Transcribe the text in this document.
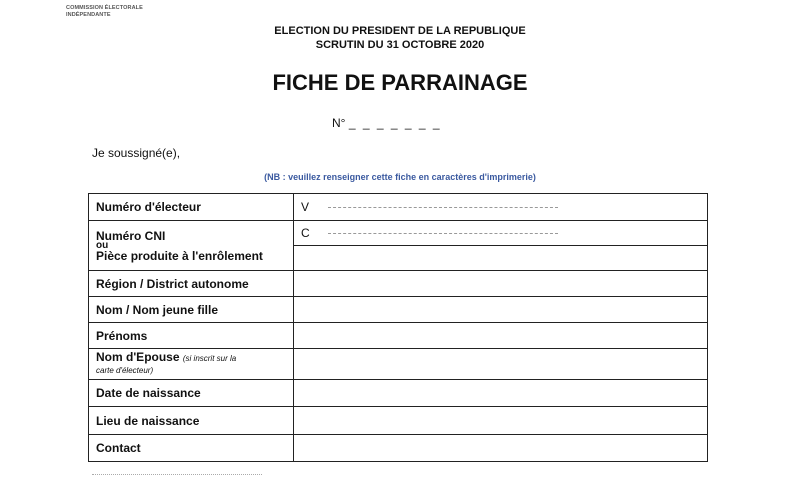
COMMISSION ÉLECTORALE
INDÉPENDANTE
ELECTION DU PRESIDENT DE LA REPUBLIQUE
SCRUTIN DU 31 OCTOBRE 2020
FICHE DE PARRAINAGE
N° _ _ _ _ _ _ _
Je soussigné(e),
(NB : veuillez renseigner cette fiche en caractères d'imprimerie)
Numéro d'électeur	V

Numéro CNI
ou
Pièce produite à l'enrôlement	C

Région / District autonome	
Nom / Nom jeune fille	
Prénoms	
Nom d'Epouse (si inscrit sur la
carte d'électeur)	
Date de naissance	
Lieu de naissance	
Contact	
